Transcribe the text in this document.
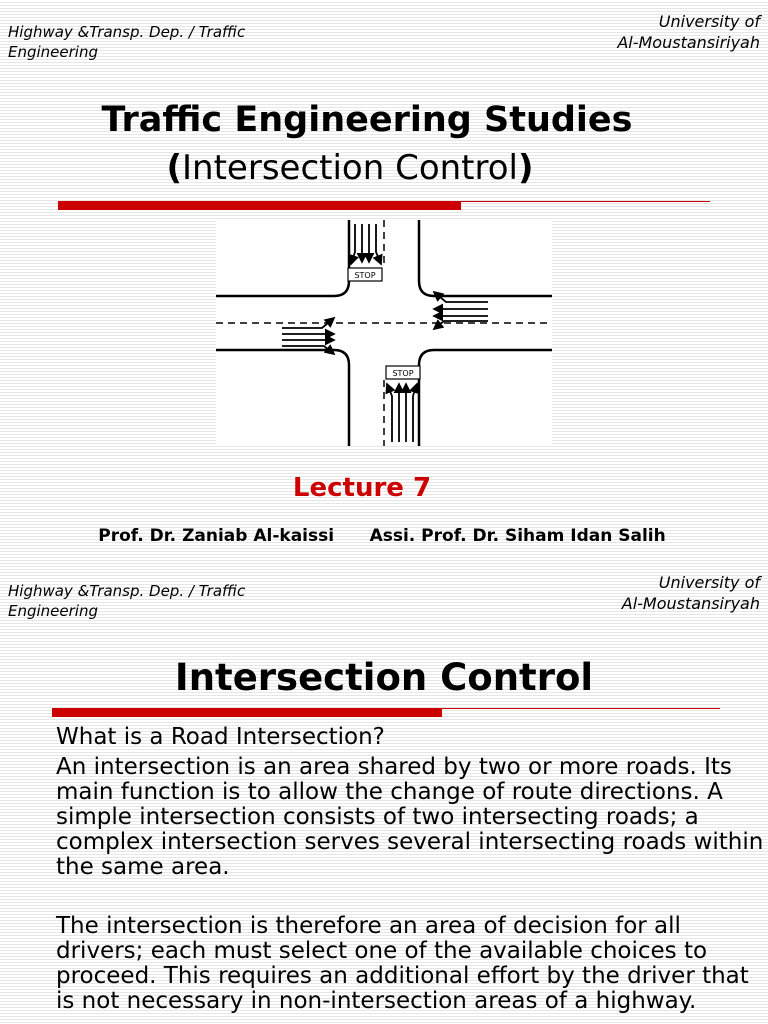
Highway &Transp. Dep. / Traffic Engineering
University of
Al-Moustansiriyah
Traffic Engineering Studies
(Intersection Control)
STOP
STOP
Lecture 7
Prof. Dr. Zaniab Al-kaissi Assi. Prof. Dr. Siham Idan Salih
Highway &Transp. Dep. / Traffic Engineering
University of
Al-Moustansiryah
Intersection Control
What is a Road Intersection?
An intersection is an area shared by two or more roads. Its main function is to allow the change of route directions. A simple intersection consists of two intersecting roads; a complex intersection serves several intersecting roads within the same area.
The intersection is therefore an area of decision for all drivers; each must select one of the available choices to proceed. This requires an additional effort by the driver that is not necessary in non-intersection areas of a highway.
